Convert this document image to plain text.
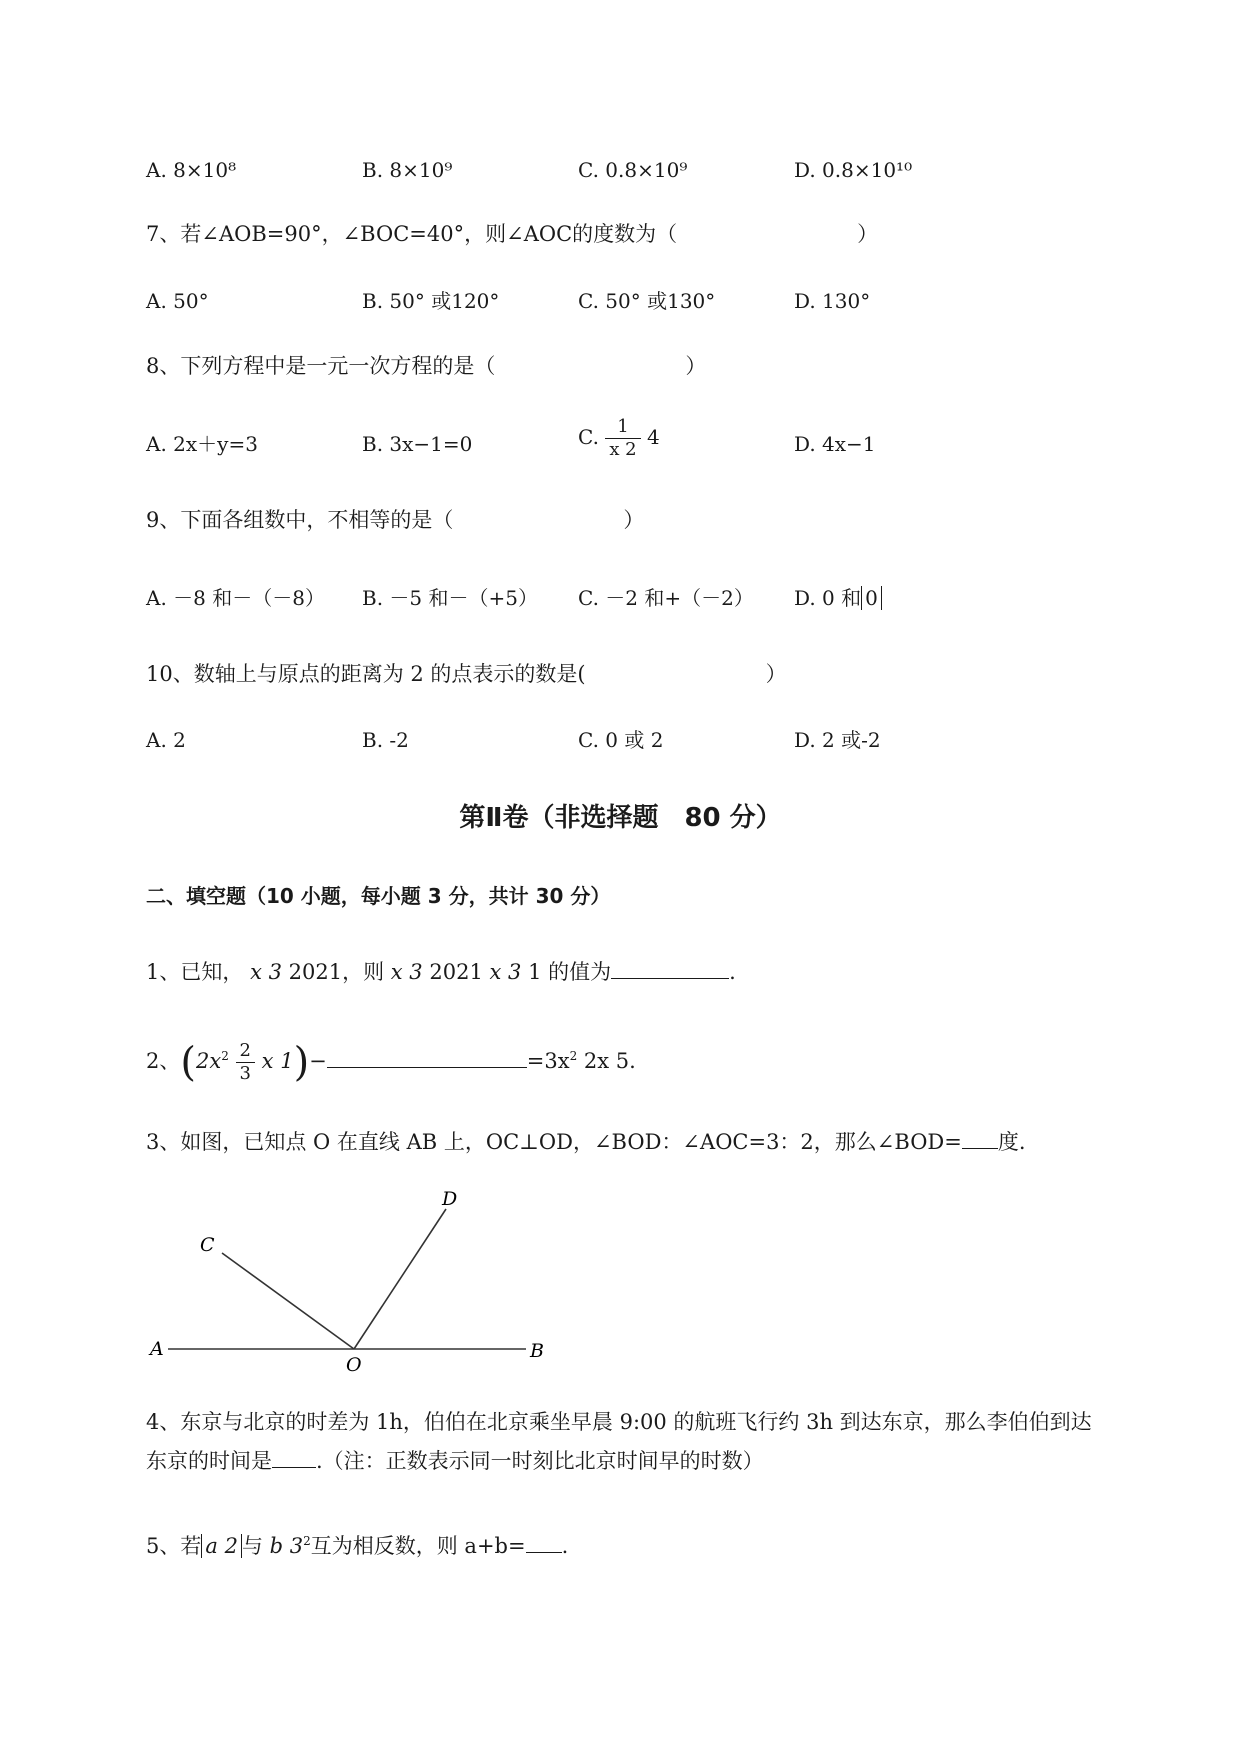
A. 8×10⁸	B. 8×10⁹	C. 0.8×10⁹	D. 0.8×10¹⁰
7、若∠AOB=90°，∠BOC=40°，则∠AOC的度数为（	）
A. 50°	B. 50° 或120°	C. 50° 或130°	D. 130°
8、下列方程中是一元一次方程的是（	）
A. 2x＋y=3	B. 3x−1=0	C. $\frac{1}{x 2} 4$	D. 4x−1
9、下面各组数中，不相等的是（	）
A. －8 和－（－8） B. －5 和－（+5） C. －2 和+（－2） D. 0 和 0
10、数轴上与原点的距离为 2 的点表示的数是(	）
A. 2	B. -2	C. 0 或 2	D. 2 或-2
第Ⅱ卷（非选择题　80 分）
二、填空题（10 小题，每小题 3 分，共计 30 分）
1、已知， x 3 2021，则 x 3 2021 x 3 1 的值为	.
2、($2x^2 \frac{2}{3}$ x 1)−	$=3x^2$ 2x 5.
3、如图，已知点 O 在直线 AB 上，OC⊥OD，∠BOD：∠AOC=3：2，那么∠BOD= 度.
A	B
C
D
O
4、东京与北京的时差为 1h，伯伯在北京乘坐早晨 9:00 的航班飞行约 3h 到达东京，那么李伯伯到达
东京的时间是 .（注：正数表示同一时刻比北京时间早的时数）
5、若 a 2 与 b $3^2$互为相反数，则 a+b= .
